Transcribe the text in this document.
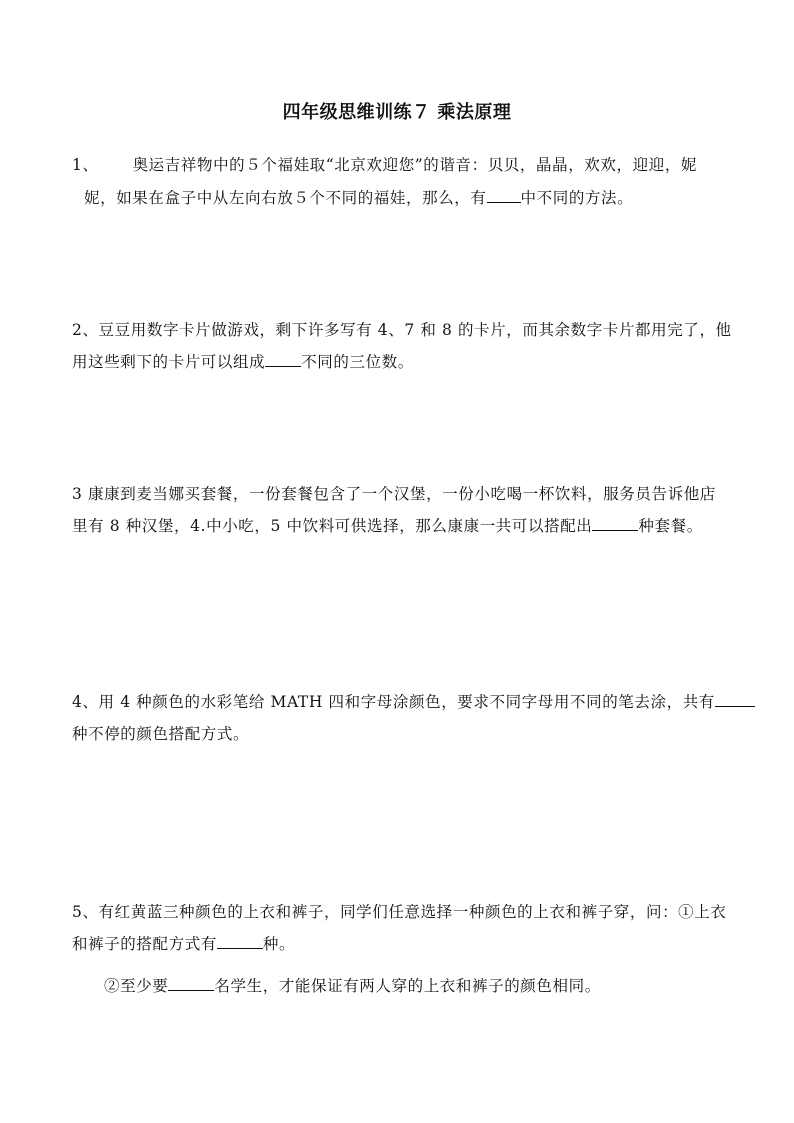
四年级思维训练７ 乘法原理
1、 奥运吉祥物中的５个福娃取“北京欢迎您”的谐音：贝贝，晶晶，欢欢，迎迎，妮
妮，如果在盒子中从左向右放５个不同的福娃，那么，有 中不同的方法。
2、豆豆用数字卡片做游戏，剩下许多写有 4、7 和 8 的卡片，而其余数字卡片都用完了，他
用这些剩下的卡片可以组成 不同的三位数。
3 康康到麦当娜买套餐，一份套餐包含了一个汉堡，一份小吃喝一杯饮料，服务员告诉他店
里有 8 种汉堡，4.中小吃，5 中饮料可供选择，那么康康一共可以搭配出	种套餐。
4、用 4 种颜色的水彩笔给 MATH 四和字母涂颜色，要求不同字母用不同的笔去涂，共有
种不停的颜色搭配方式。
5、有红黄蓝三种颜色的上衣和裤子，同学们任意选择一种颜色的上衣和裤子穿，问：①上衣
和裤子的搭配方式有	种。
②至少要	名学生，才能保证有两人穿的上衣和裤子的颜色相同。
